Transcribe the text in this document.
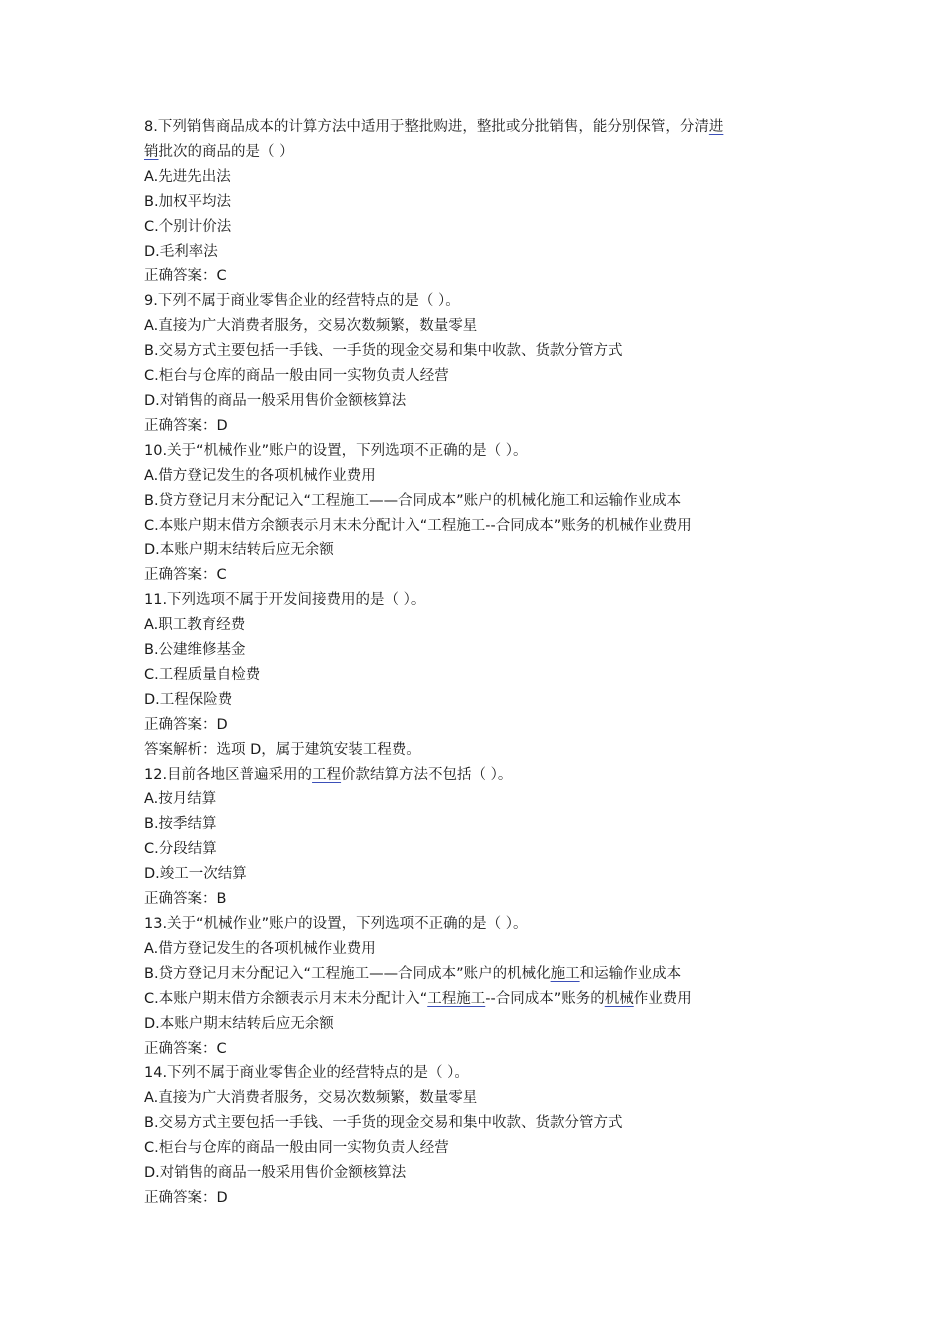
8.下列销售商品成本的计算方法中适用于整批购进，整批或分批销售，能分别保管，分清进
销批次的商品的是（ ）
A.先进先出法
B.加权平均法
C.个别计价法
D.毛利率法
正确答案：C
9.下列不属于商业零售企业的经营特点的是（ ）。
A.直接为广大消费者服务，交易次数频繁，数量零星
B.交易方式主要包括一手钱、一手货的现金交易和集中收款、货款分管方式
C.柜台与仓库的商品一般由同一实物负责人经营
D.对销售的商品一般采用售价金额核算法
正确答案：D
10.关于“机械作业”账户的设置，下列选项不正确的是（ ）。
A.借方登记发生的各项机械作业费用
B.贷方登记月末分配记入“工程施工——合同成本”账户的机械化施工和运输作业成本
C.本账户期末借方余额表示月末未分配计入“工程施工--合同成本”账务的机械作业费用
D.本账户期末结转后应无余额
正确答案：C
11.下列选项不属于开发间接费用的是（ ）。
A.职工教育经费
B.公建维修基金
C.工程质量自检费
D.工程保险费
正确答案：D
答案解析：选项 D，属于建筑安装工程费。
12.目前各地区普遍采用的工程价款结算方法不包括（ ）。
A.按月结算
B.按季结算
C.分段结算
D.竣工一次结算
正确答案：B
13.关于“机械作业”账户的设置，下列选项不正确的是（ ）。
A.借方登记发生的各项机械作业费用
B.贷方登记月末分配记入“工程施工——合同成本”账户的机械化施工和运输作业成本
C.本账户期末借方余额表示月末未分配计入“工程施工--合同成本”账务的机械作业费用
D.本账户期末结转后应无余额
正确答案：C
14.下列不属于商业零售企业的经营特点的是（ ）。
A.直接为广大消费者服务，交易次数频繁，数量零星
B.交易方式主要包括一手钱、一手货的现金交易和集中收款、货款分管方式
C.柜台与仓库的商品一般由同一实物负责人经营
D.对销售的商品一般采用售价金额核算法
正确答案：D
